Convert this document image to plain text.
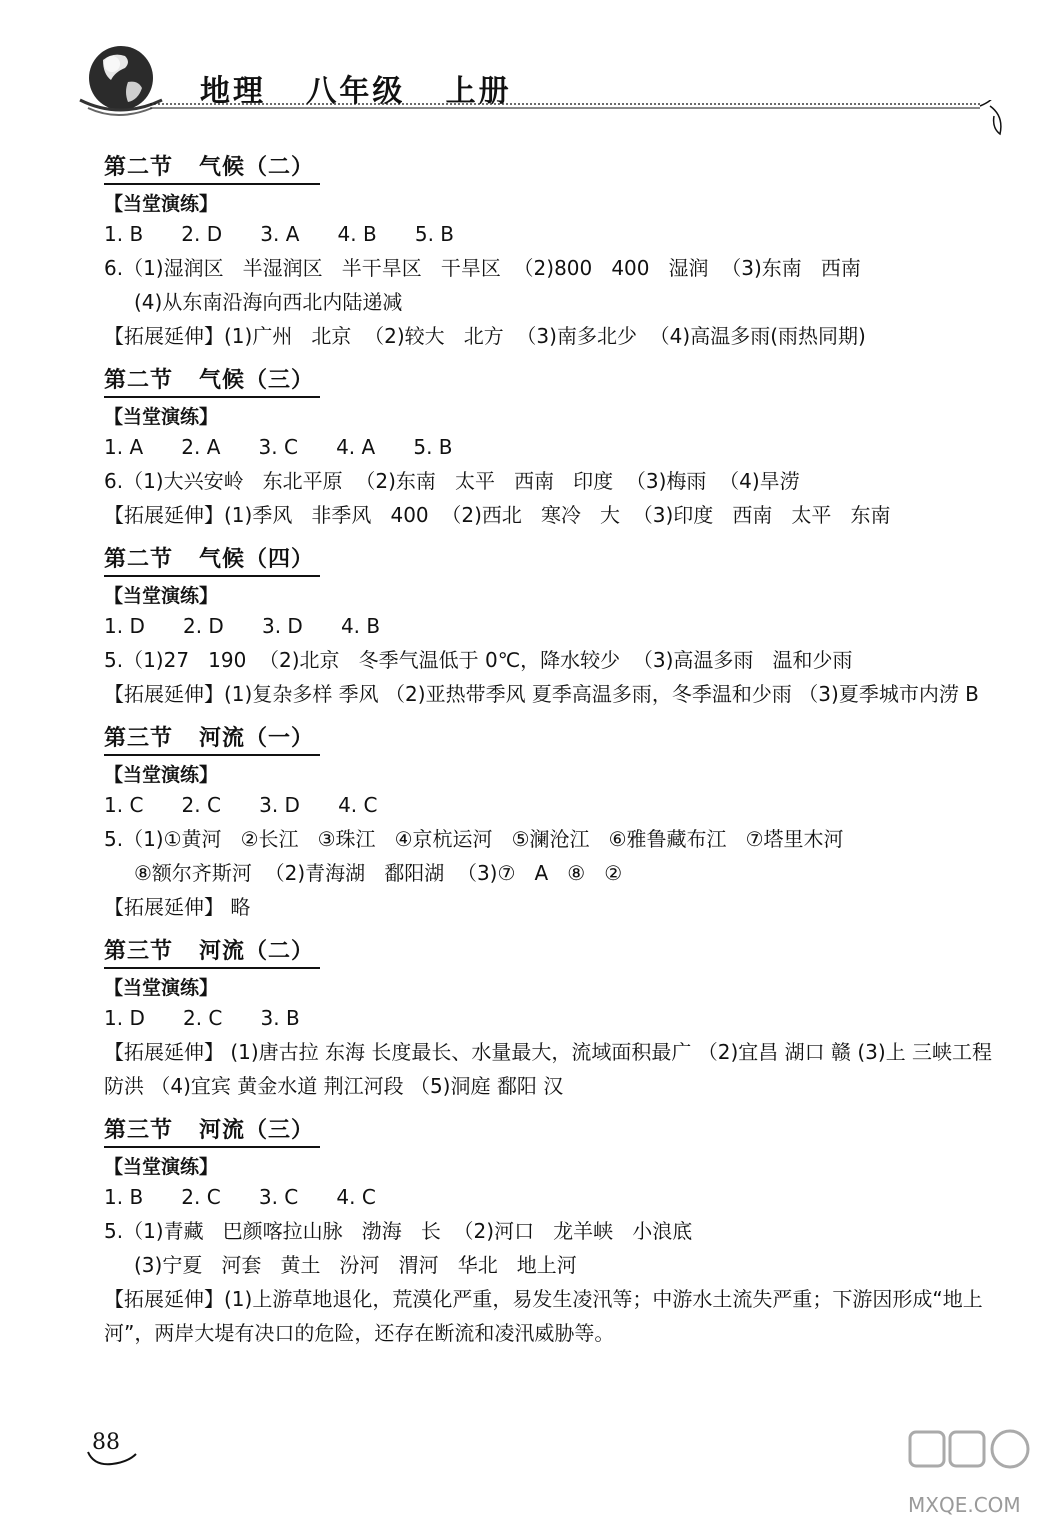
地理   八年级   上册
第二节   气候（二）
【当堂演练】
1. B      2. D      3. A      4. B      5. B
6.（1)湿润区   半湿润区   半干旱区   干旱区  （2)800   400   湿润  （3)东南   西南
(4)从东南沿海向西北内陆递减
【拓展延伸】(1)广州   北京  （2)较大   北方  （3)南多北少  （4)高温多雨(雨热同期)
第二节   气候（三）
【当堂演练】
1. A      2. A      3. C      4. A      5. B
6.（1)大兴安岭   东北平原  （2)东南   太平   西南   印度  （3)梅雨  （4)旱涝
【拓展延伸】(1)季风   非季风   400  （2)西北   寒冷   大  （3)印度   西南   太平   东南
第二节   气候（四）
【当堂演练】
1. D      2. D      3. D      4. B
5.（1)27   190  （2)北京   冬季气温低于 0℃，降水较少  （3)高温多雨   温和少雨
【拓展延伸】(1)复杂多样 季风 （2)亚热带季风 夏季高温多雨，冬季温和少雨 （3)夏季城市内涝 B
第三节   河流（一）
【当堂演练】
1. C      2. C      3. D      4. C
5.（1)①黄河   ②长江   ③珠江   ④京杭运河   ⑤澜沧江   ⑥雅鲁藏布江   ⑦塔里木河
⑧额尔齐斯河  （2)青海湖   鄱阳湖  （3)⑦   A   ⑧   ②
【拓展延伸】 略
第三节   河流（二）
【当堂演练】
1. D      2. C      3. B
【拓展延伸】 (1)唐古拉 东海 长度最长、水量最大，流域面积最广 （2)宜昌 湖口 赣 (3)上 三峡工程 防洪 （4)宜宾 黄金水道 荆江河段 （5)洞庭 鄱阳 汉
第三节   河流（三）
【当堂演练】
1. B      2. C      3. C      4. C
5.（1)青藏   巴颜喀拉山脉   渤海   长  （2)河口   龙羊峡   小浪底
(3)宁夏   河套   黄土   汾河   渭河   华北   地上河
【拓展延伸】(1)上游草地退化，荒漠化严重，易发生凌汛等；中游水土流失严重；下游因形成“地上河”，两岸大堤有决口的危险，还存在断流和凌汛威胁等。
88
MXQE.COM
